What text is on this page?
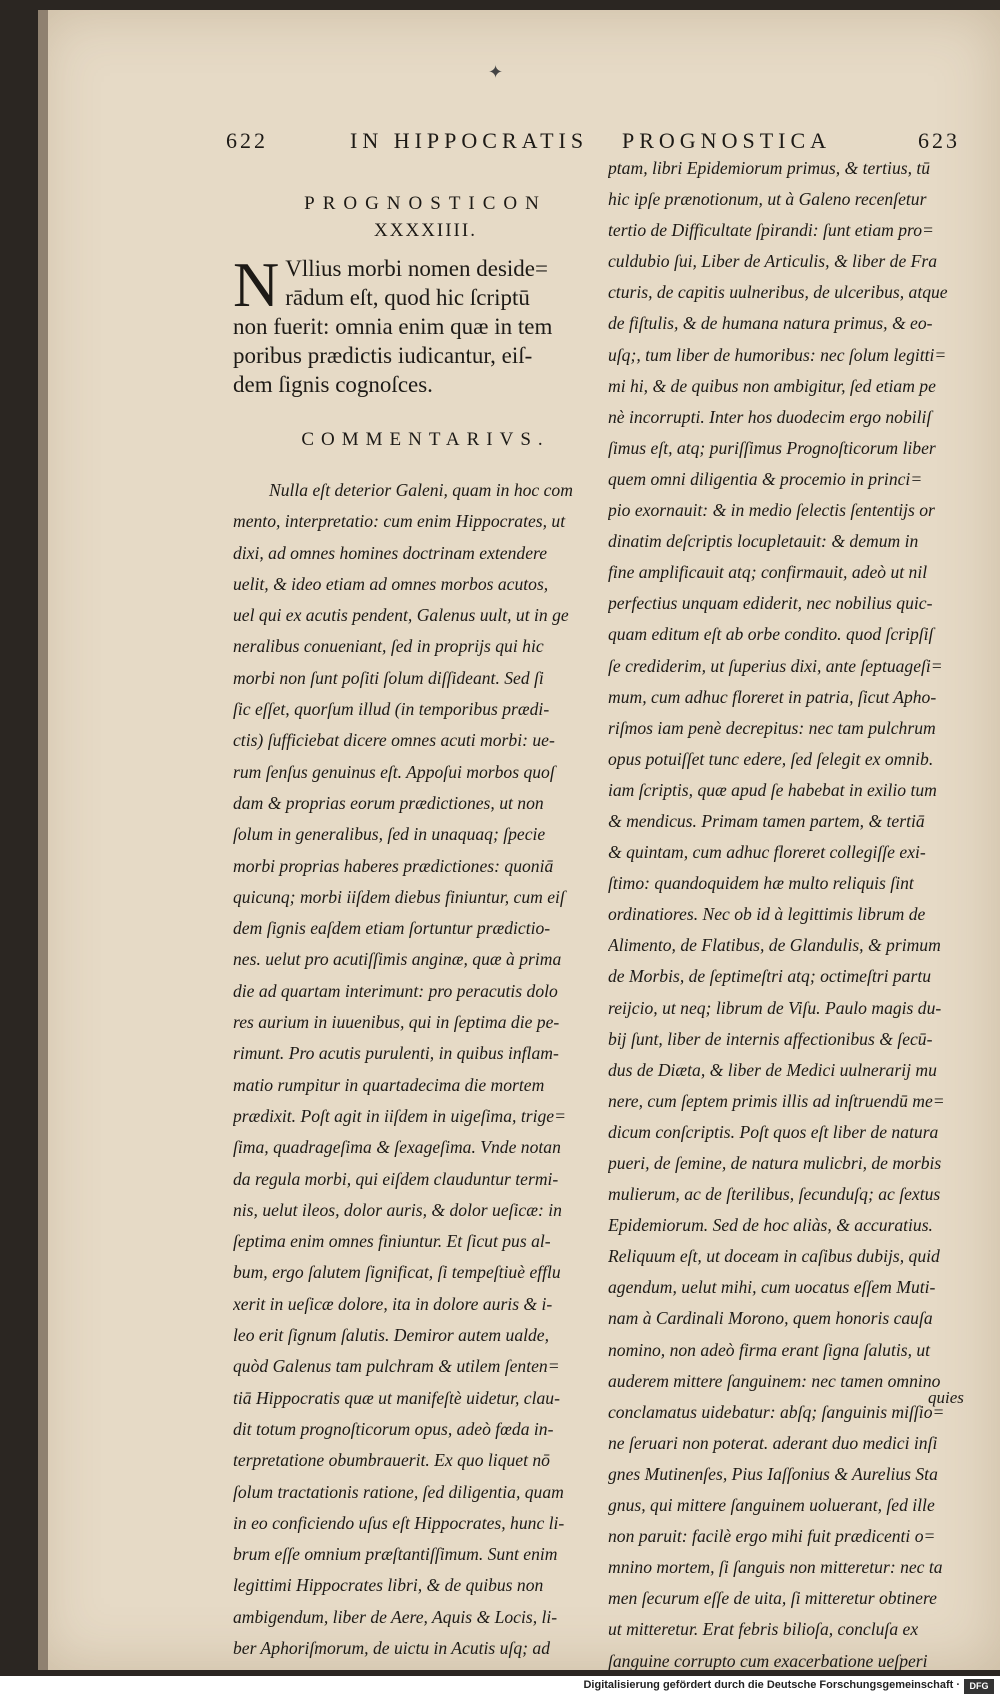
✦
622	IN HIPPOCRATIS PROGNOSTICA	623

PROGNOSTICON

XXXXIIII.

N Vllius morbi nomen deside=
rādum eſt, quod hic ſcriptū
non fuerit: omnia enim quæ in tem
poribus prædictis iudicantur, eiſ-
dem ſignis cognoſces.

COMMENTARIVS.

Nulla eſt deterior Galeni, quam in hoc com
mento, interpretatio: cum enim Hippocrates, ut
dixi, ad omnes homines doctrinam extendere
uelit, & ideo etiam ad omnes morbos acutos,
uel qui ex acutis pendent, Galenus uult, ut in ge
neralibus conueniant, ſed in proprijs qui hic
morbi non ſunt poſiti ſolum diſſideant. Sed ſi
ſic eſſet, quorſum illud (in temporibus prædi-
ctis) ſufficiebat dicere omnes acuti morbi: ue-
rum ſenſus genuinus eſt. Appoſui morbos quoſ
dam & proprias eorum prædictiones, ut non
ſolum in generalibus, ſed in unaquaq; ſpecie
morbi proprias haberes prædictiones: quoniā
quicunq; morbi iiſdem diebus finiuntur, cum eiſ
dem ſignis eaſdem etiam ſortuntur prædictio-
nes. uelut pro acutiſſimis anginæ, quæ à prima
die ad quartam interimunt: pro peracutis dolo
res aurium in iuuenibus, qui in ſeptima die pe-
rimunt. Pro acutis purulenti, in quibus inflam-
matio rumpitur in quartadecima die mortem
prædixit. Poſt agit in iiſdem in uigeſima, trige=
ſima, quadrageſima & ſexageſima. Vnde notan
da regula morbi, qui eiſdem clauduntur termi-
nis, uelut ileos, dolor auris, & dolor ueſicæ: in
ſeptima enim omnes finiuntur. Et ſicut pus al-
bum, ergo ſalutem ſignificat, ſi tempeſtiuè efflu
xerit in ueſicæ dolore, ita in dolore auris & i-
leo erit ſignum ſalutis. Demiror autem ualde,
quòd Galenus tam pulchram & utilem ſenten=
tiā Hippocratis quæ ut manifeſtè uidetur, clau-
dit totum prognoſticorum opus, adeò fœda in-
terpretatione obumbrauerit. Ex quo liquet nō
ſolum tractationis ratione, ſed diligentia, quam
in eo conficiendo uſus eſt Hippocrates, hunc li-
brum eſſe omnium præſtantiſſimum. Sunt enim
legittimi Hippocrates libri, & de quibus non
ambigendum, liber de Aere, Aquis & Locis, li-
ber Aphoriſmorum, de uictu in Acutis uſq; ad
ptam, libri Epidemiorum primus, & tertius, tū
hic ipſe prænotionum, ut à Galeno recenſetur
tertio de Difficultate ſpirandi: ſunt etiam pro=
culdubio ſui, Liber de Articulis, & liber de Fra
cturis, de capitis uulneribus, de ulceribus, atque
de fiſtulis, & de humana natura primus, & eo-
uſq;, tum liber de humoribus: nec ſolum legitti=
mi hi, & de quibus non ambigitur, ſed etiam pe
nè incorrupti. Inter hos duodecim ergo nobiliſ
ſimus eſt, atq; puriſſimus Prognoſticorum liber
quem omni diligentia & procemio in princi=
pio exornauit: & in medio ſelectis ſententijs or
dinatim deſcriptis locupletauit: & demum in
fine amplificauit atq; confirmauit, adeò ut nil
perfectius unquam ediderit, nec nobilius quic-
quam editum eſt ab orbe condito. quod ſcripſiſ
ſe crediderim, ut ſuperius dixi, ante ſeptuageſi=
mum, cum adhuc floreret in patria, ſicut Apho-
riſmos iam penè decrepitus: nec tam pulchrum
opus potuiſſet tunc edere, ſed ſelegit ex omnib.
iam ſcriptis, quæ apud ſe habebat in exilio tum
& mendicus. Primam tamen partem, & tertiā
& quintam, cum adhuc floreret collegiſſe exi-
ſtimo: quandoquidem hæ multo reliquis ſint
ordinatiores. Nec ob id à legittimis librum de
Alimento, de Flatibus, de Glandulis, & primum
de Morbis, de ſeptimeſtri atq; octimeſtri partu
reijcio, ut neq; librum de Viſu. Paulo magis du-
bij ſunt, liber de internis affectionibus & ſecū-
dus de Diæta, & liber de Medici uulnerarij mu
nere, cum ſeptem primis illis ad inſtruendū me=
dicum conſcriptis. Poſt quos eſt liber de natura
pueri, de ſemine, de natura mulicbri, de morbis
mulierum, ac de ſterilibus, ſecunduſq; ac ſextus
Epidemiorum. Sed de hoc aliàs, & accuratius.
Reliquum eſt, ut doceam in caſibus dubijs, quid
agendum, uelut mihi, cum uocatus eſſem Muti-
nam à Cardinali Morono, quem honoris cauſa
nomino, non adeò firma erant ſigna ſalutis, ut
auderem mittere ſanguinem: nec tamen omnino
conclamatus uidebatur: abſq; ſanguinis miſſio=
ne ſeruari non poterat. aderant duo medici inſi
gnes Mutinenſes, Pius Iaſſonius & Aurelius Sta
gnus, qui mittere ſanguinem uoluerant, ſed ille
non paruit: facilè ergo mihi fuit prædicenti o=
mnino mortem, ſi ſanguis non mitteretur: nec ta
men ſecurum eſſe de uita, ſi mitteretur obtinere
ut mitteretur. Erat febris bilioſa, concluſa ex
ſanguine corrupto cum exacerbatione ueſperi
quies
Digitalisierung gefördert durch die Deutsche Forschungsgemeinschaft ·	DFG
